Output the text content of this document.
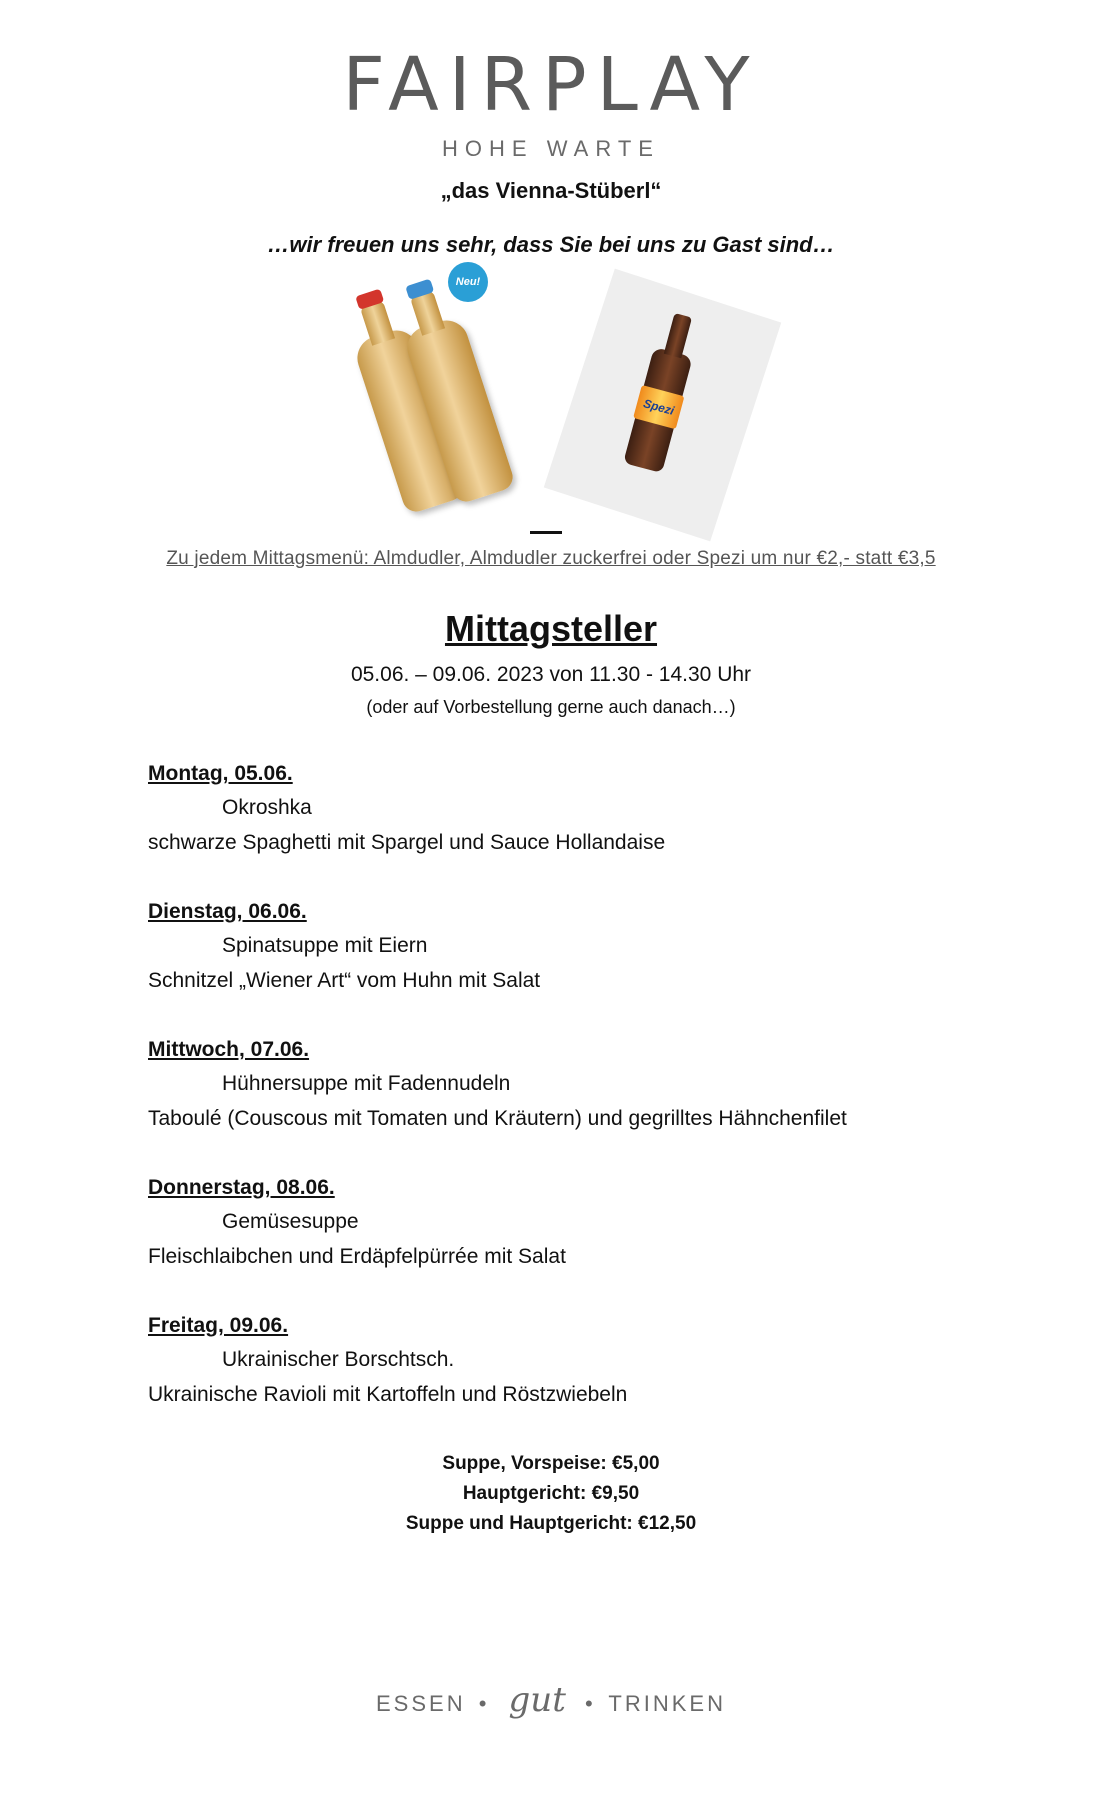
FAIRPLAY
HOHE WARTE
„das Vienna-Stüberl“
…wir freuen uns sehr, dass Sie bei uns zu Gast sind…
Neu!
Spezi
Zu jedem Mittagsmenü: Almdudler, Almdudler zuckerfrei oder Spezi um nur €2,- statt €3,5
Mittagsteller
05.06. – 09.06. 2023 von 11.30 - 14.30 Uhr
(oder auf Vorbestellung gerne auch danach…)
Montag, 05.06.
Okroshka
schwarze Spaghetti mit Spargel und Sauce Hollandaise
Dienstag, 06.06.
Spinatsuppe mit Eiern
Schnitzel „Wiener Art“ vom Huhn mit Salat
Mittwoch, 07.06.
Hühnersuppe mit Fadennudeln
Taboulé (Couscous mit Tomaten und Kräutern) und gegrilltes Hähnchenfilet
Donnerstag, 08.06.
Gemüsesuppe
Fleischlaibchen und Erdäpfelpürrée mit Salat
Freitag, 09.06.
Ukrainischer Borschtsch.
Ukrainische Ravioli mit Kartoffeln und Röstzwiebeln
Suppe, Vorspeise: €5,00
Hauptgericht: €9,50
Suppe und Hauptgericht: €12,50
ESSEN • gut • TRINKEN
